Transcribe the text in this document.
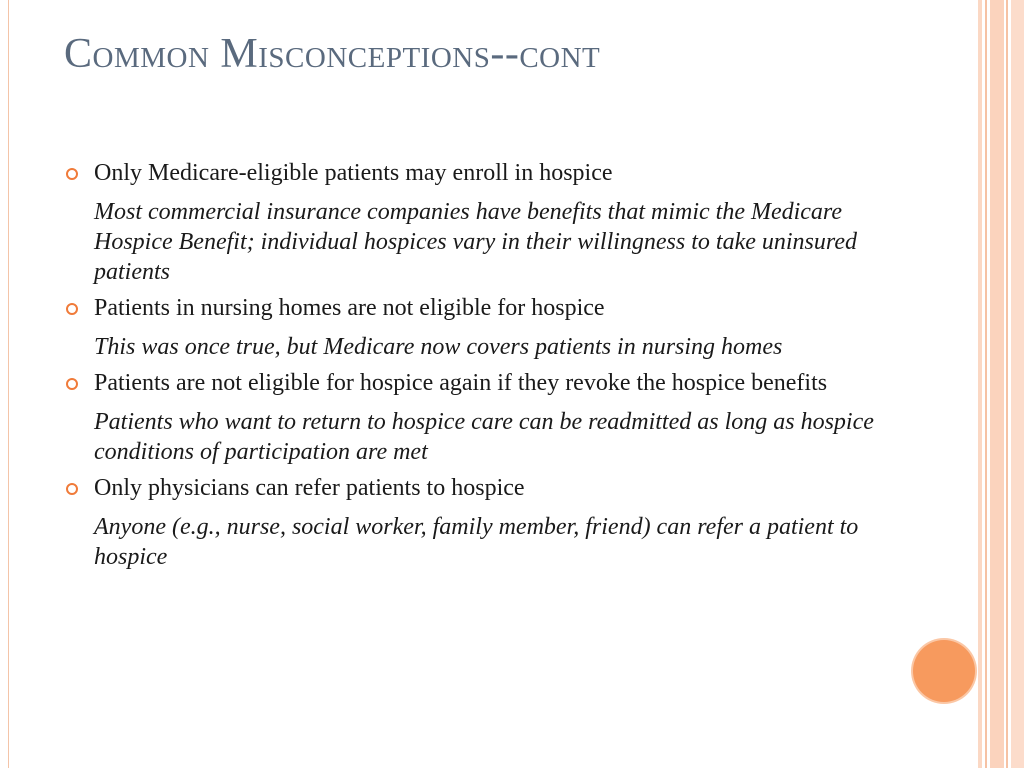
Common Misconceptions--cont
Only Medicare-eligible patients may enroll in hospice
Most commercial insurance companies have benefits that mimic the Medicare Hospice Benefit; individual hospices vary in their willingness to take uninsured patients
Patients in nursing homes are not eligible for hospice
This was once true, but Medicare now covers patients in nursing homes
Patients are not eligible for hospice again if they revoke the hospice benefits
Patients who want to return to hospice care can be readmitted as long as hospice conditions of participation are met
Only physicians can refer patients to hospice
Anyone (e.g., nurse, social worker, family member, friend) can refer a patient to hospice
